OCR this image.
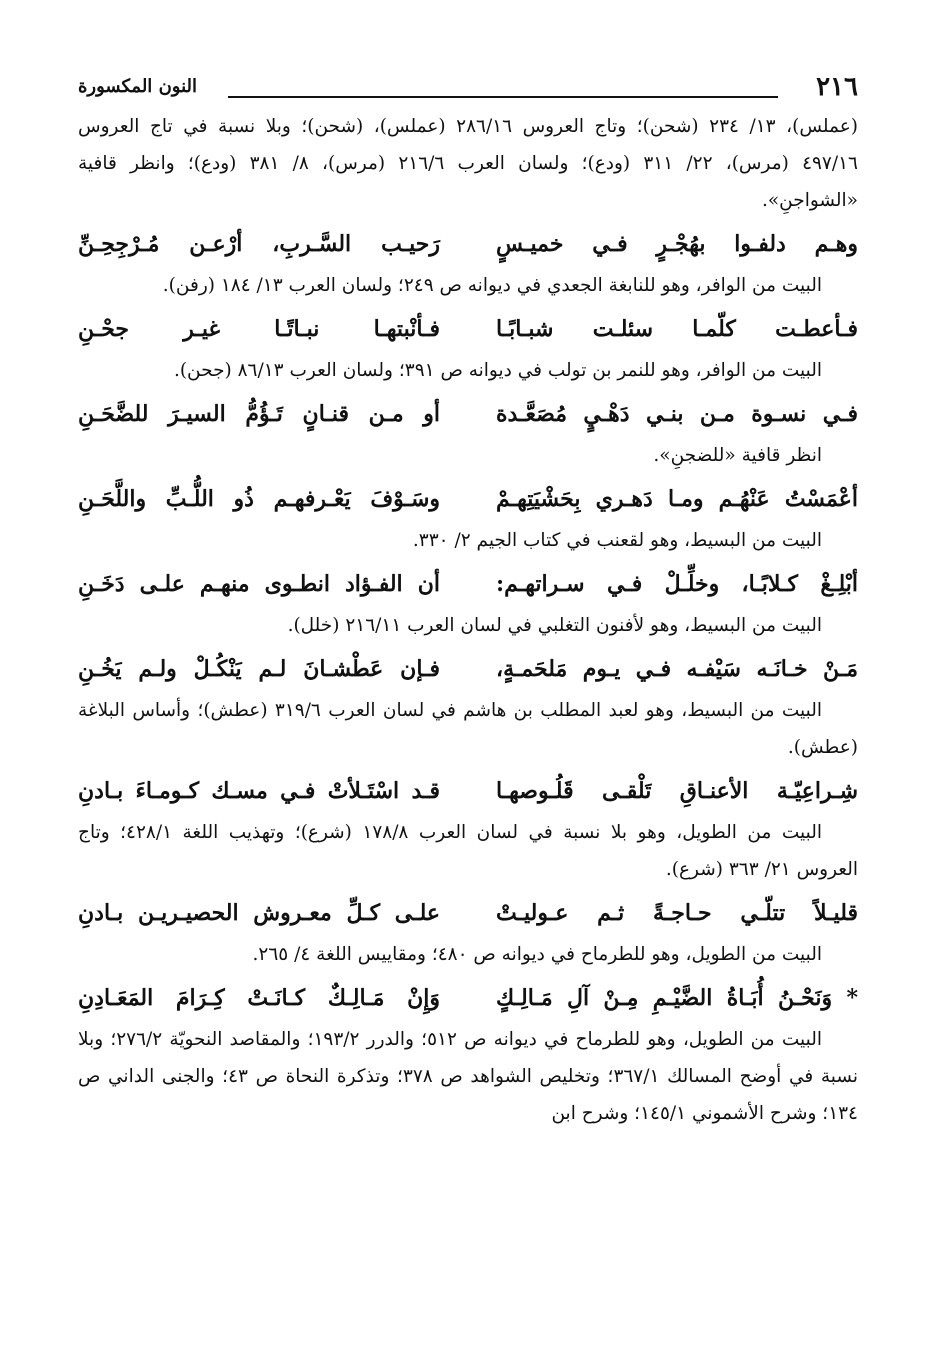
٢١٦
النون المكسورة

(عملس)، ١٣/ ٢٣٤ (شحن)؛ وتاج العروس ٢٨٦/١٦ (عملس)، (شحن)؛ وبلا نسبة في تاج العروس ٤٩٧/١٦ (مرس)، ٢٢/ ٣١١ (ودع)؛ ولسان العرب ٢١٦/٦ (مرس)، ٨/ ٣٨١ (ودع)؛ وانظر قافية «الشواجنِ».

وهـم دلفـوا بهُجْـرٍ فـي خميـسٍ
رَحيـب السَّـربِ، أرْعـن مُـرْجِحِـنِّ

البيت من الوافر، وهو للنابغة الجعدي في ديوانه ص ٢٤٩؛ ولسان العرب ١٣/ ١٨٤ (رفن).

فـأعطـت كلّمـا سئلـت شبـابًـا
فـأنْبتهـا نبـاتًـا غيـر جحْـنِ

البيت من الوافر، وهو للنمر بن تولب في ديوانه ص ٣٩١؛ ولسان العرب ٨٦/١٣ (جحن).

فـي نسـوة مـن بنـي دَهْـيٍ مُصَعَّـدة
أو مـن قنـانٍ تَـؤُمُّ السيـرَ للضَّحَـنِ

انظر قافية «للضجنِ».

أعْمَسْتُ عَنْهُـم ومـا دَهـري بِحَشْيَتِهـمْ
وسَـوْفَ يَعْـرفهـم ذُو اللُّـبِّ واللَّحَـنِ

البيت من البسيط، وهو لقعنب في كتاب الجيم ٢/ ٣٣٠.

أبْلِـغْ كـلابًـا، وخلِّـلْ فـي سـراتهـم:
أن الفـؤاد انطـوى منهـم علـى دَخَـنِ

البيت من البسيط، وهو لأفنون التغلبي في لسان العرب ٢١٦/١١ (خلل).

مَـنْ خـانَـه سَيْفـه فـي يـوم مَلحَمـةٍ،
فـإن عَطْشـانَ لـم يَنْكُـلْ ولـم يَخُـنِ

البيت من البسيط، وهو لعبد المطلب بن هاشم في لسان العرب ٣١٩/٦ (عطش)؛ وأساس البلاغة (عطش).

شِـراعِيّـة الأعنـاقِ تَلْقـى قَلُـوصهـا
قـد اسْتَـلأتْ فـي مسـك كـومـاءَ بـادنِ

البيت من الطويل، وهو بلا نسبة في لسان العرب ١٧٨/٨ (شرع)؛ وتهذيب اللغة ٤٢٨/١؛ وتاج العروس ٢١/ ٣٦٣ (شرع).

قليـلاً تتلّـي حـاجـةً ثـم عـوليـتْ
علـى كـلِّ معـروش الحصيـريـن بـادنِ

البيت من الطويل، وهو للطرماح في ديوانه ص ٤٨٠؛ ومقاييس اللغة ٤/ ٢٦٥.

* وَنَحْـنُ أُبَـاةُ الضَّيْـمِ مِـنْ آلِ مَـالِـكٍ
وَإِنْ مَـالِـكٌ كـانَـتْ كِـرَامَ المَعَـادِنِ

البيت من الطويل، وهو للطرماح في ديوانه ص ٥١٢؛ والدرر ١٩٣/٢؛ والمقاصد النحويّة ٢٧٦/٢؛ وبلا نسبة في أوضح المسالك ٣٦٧/١؛ وتخليص الشواهد ص ٣٧٨؛ وتذكرة النحاة ص ٤٣؛ والجنى الداني ص ١٣٤؛ وشرح الأشموني ١٤٥/١؛ وشرح ابن
